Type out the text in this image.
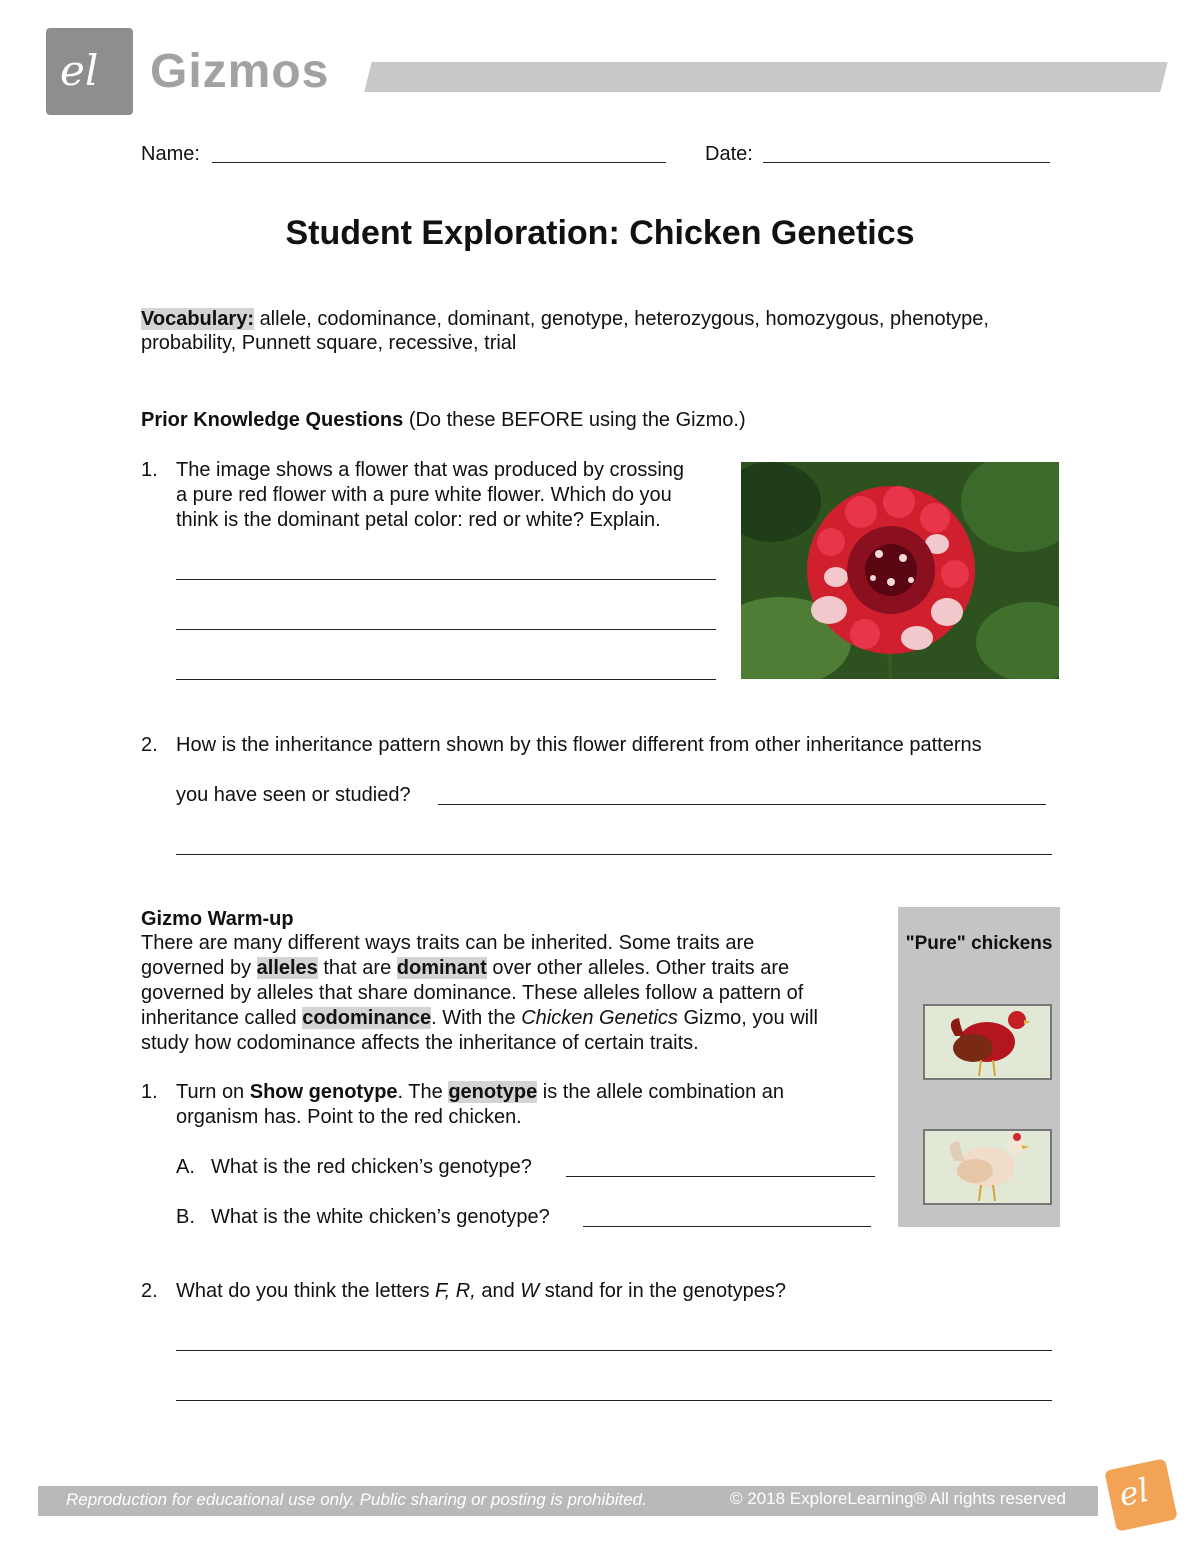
el Gizmos
Name:	Date:
Student Exploration: Chicken Genetics
Vocabulary: allele, codominance, dominant, genotype, heterozygous, homozygous, phenotype,
probability, Punnett square, recessive, trial
Prior Knowledge Questions (Do these BEFORE using the Gizmo.)
1. The image shows a flower that was produced by crossing
a pure red flower with a pure white flower. Which do you
think is the dominant petal color: red or white? Explain.
2. How is the inheritance pattern shown by this flower different from other inheritance patterns
you have seen or studied?
Gizmo Warm-up
There are many different ways traits can be inherited. Some traits are
governed by alleles that are dominant over other alleles. Other traits are
governed by alleles that share dominance. These alleles follow a pattern of
inheritance called codominance. With the Chicken Genetics Gizmo, you will
study how codominance affects the inheritance of certain traits.
1. Turn on Show genotype. The genotype is the allele combination an
organism has. Point to the red chicken.
A. What is the red chicken’s genotype?
B. What is the white chicken’s genotype?
2. What do you think the letters F, R, and W stand for in the genotypes?
"Pure" chickens
Reproduction for educational use only. Public sharing or posting is prohibited.	© 2018 ExploreLearning® All rights reserved el
